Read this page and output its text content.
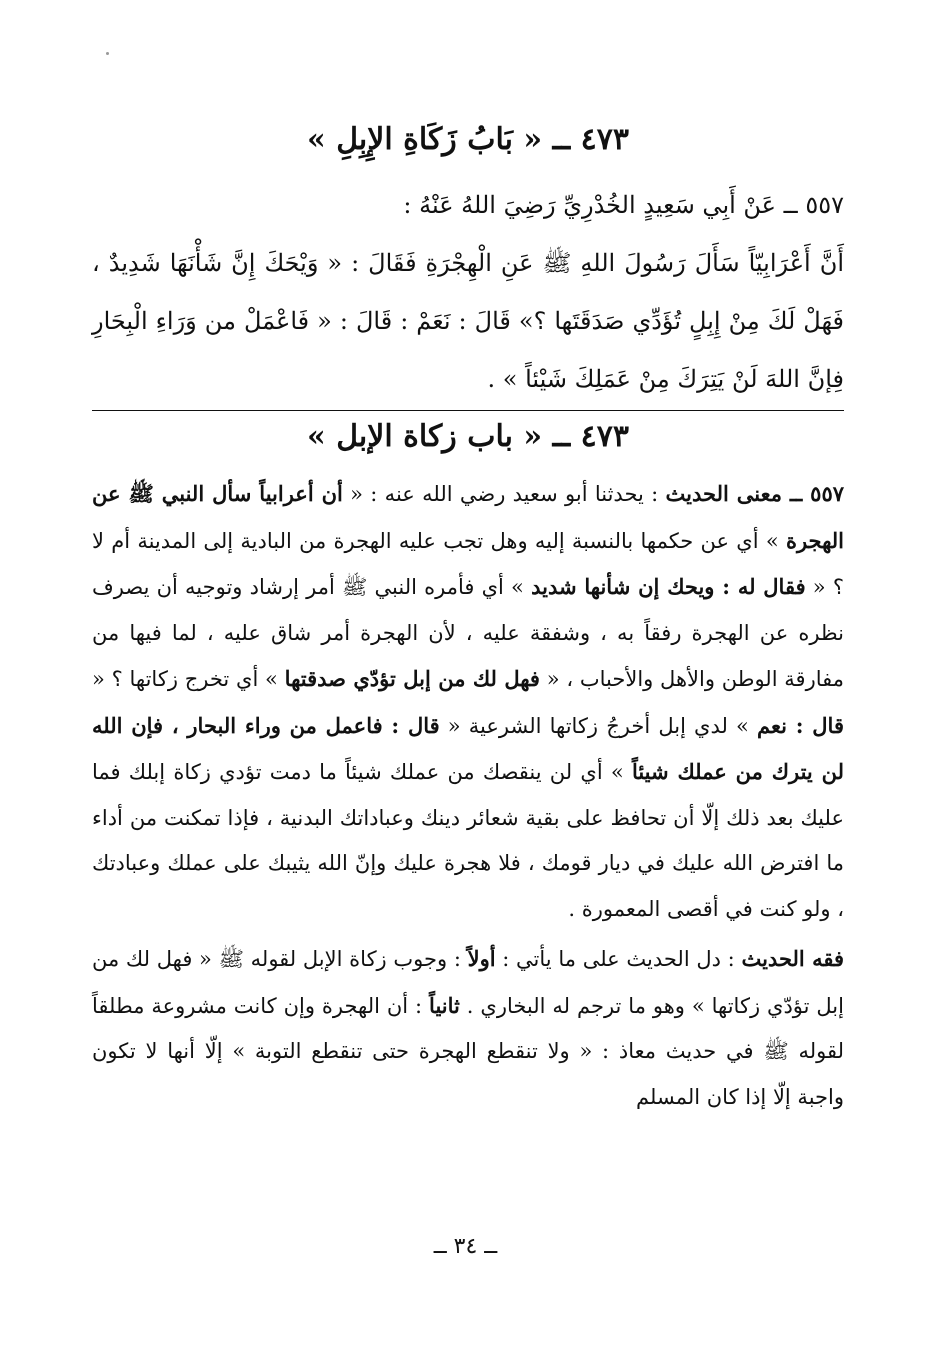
٤٧٣ ــ « بَابُ زَكَاةِ الإِبِلِ »

٥٥٧ ــ عَنْ أَبِي سَعِيدٍ الخُدْرِيِّ رَضِيَ اللهُ عَنْهُ :

أَنَّ أَعْرَابِيّاً سَأَلَ رَسُولَ اللهِ ﷺ عَنِ الْهِجْرَةِ فَقَالَ : « وَيْحَكَ إِنَّ شَأْنَهَا شَدِيدٌ ، فَهَلْ لَكَ مِنْ إِبِلٍ تُؤَدِّي صَدَقَتَها ؟» قَالَ : نَعَمْ : قَالَ : « فَاعْمَلْ من وَرَاءِ الْبِحَارِ فِإنَّ اللهَ لَنْ يَتِرَكَ مِنْ عَمَلِكَ شَيْئاً » .

٤٧٣ ــ « باب زكاة الإبل »

٥٥٧ ــ معنى الحديث : يحدثنا أبو سعيد رضي الله عنه : « أن أعرابياً سأل النبي ﷺ عن الهجرة » أي عن حكمها بالنسبة إليه وهل تجب عليه الهجرة من البادية إلى المدينة أم لا ؟ « فقال له : ويحك إن شأنها شديد » أي فأمره النبي ﷺ أمر إرشاد وتوجيه أن يصرف نظره عن الهجرة رفقاً به ، وشفقة عليه ، لأن الهجرة أمر شاق عليه ، لما فيها من مفارقة الوطن والأهل والأحباب ، « فهل لك من إبل تؤدّي صدقتها » أي تخرج زكاتها ؟ « قال : نعم » لدي إبل أخرجُ زكاتها الشرعية « قال : فاعمل من وراء البحار ، فإن الله لن يترك من عملك شيئاً » أي لن ينقصك من عملك شيئاً ما دمت تؤدي زكاة إبلك فما عليك بعد ذلك إلّا أن تحافظ على بقية شعائر دينك وعباداتك البدنية ، فإذا تمكنت من أداء ما افترض الله عليك في ديار قومك ، فلا هجرة عليك وإنّ الله يثيبك على عملك وعبادتك ، ولو كنت في أقصى المعمورة .

فقه الحديث : دل الحديث على ما يأتي : أولاً : وجوب زكاة الإبل لقوله ﷺ « فهل لك من إبل تؤدّي زكاتها » وهو ما ترجم له البخاري . ثانياً : أن الهجرة وإن كانت مشروعة مطلقاً لقوله ﷺ في حديث معاذ : « ولا تنقطع الهجرة حتى تنقطع التوبة » إلّا أنها لا تكون واجبة إلّا إذا كان المسلم

ــ ٣٤ ــ
